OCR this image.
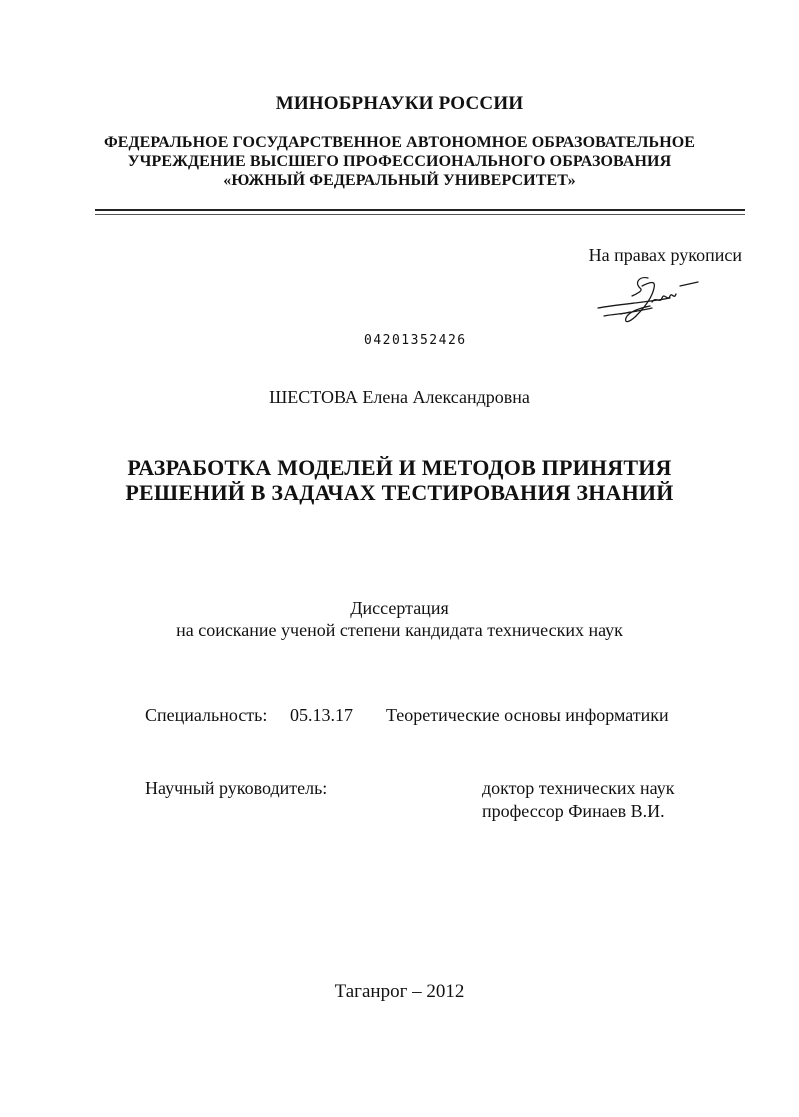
МИНОБРНАУКИ РОССИИ
ФЕДЕРАЛЬНОЕ ГОСУДАРСТВЕННОЕ АВТОНОМНОЕ ОБРАЗОВАТЕЛЬНОЕ
УЧРЕЖДЕНИЕ ВЫСШЕГО ПРОФЕССИОНАЛЬНОГО ОБРАЗОВАНИЯ
«ЮЖНЫЙ ФЕДЕРАЛЬНЫЙ УНИВЕРСИТЕТ»
На правах рукописи
04201352426
ШЕСТОВА Елена Александровна
РАЗРАБОТКА МОДЕЛЕЙ И МЕТОДОВ ПРИНЯТИЯ
РЕШЕНИЙ В ЗАДАЧАХ ТЕСТИРОВАНИЯ ЗНАНИЙ
Диссертация
на соискание ученой степени кандидата технических наук
Специальность: 05.13.17 Теоретические основы информатики
Научный руководитель:	доктор технических наук
профессор Финаев В.И.
Таганрог – 2012
